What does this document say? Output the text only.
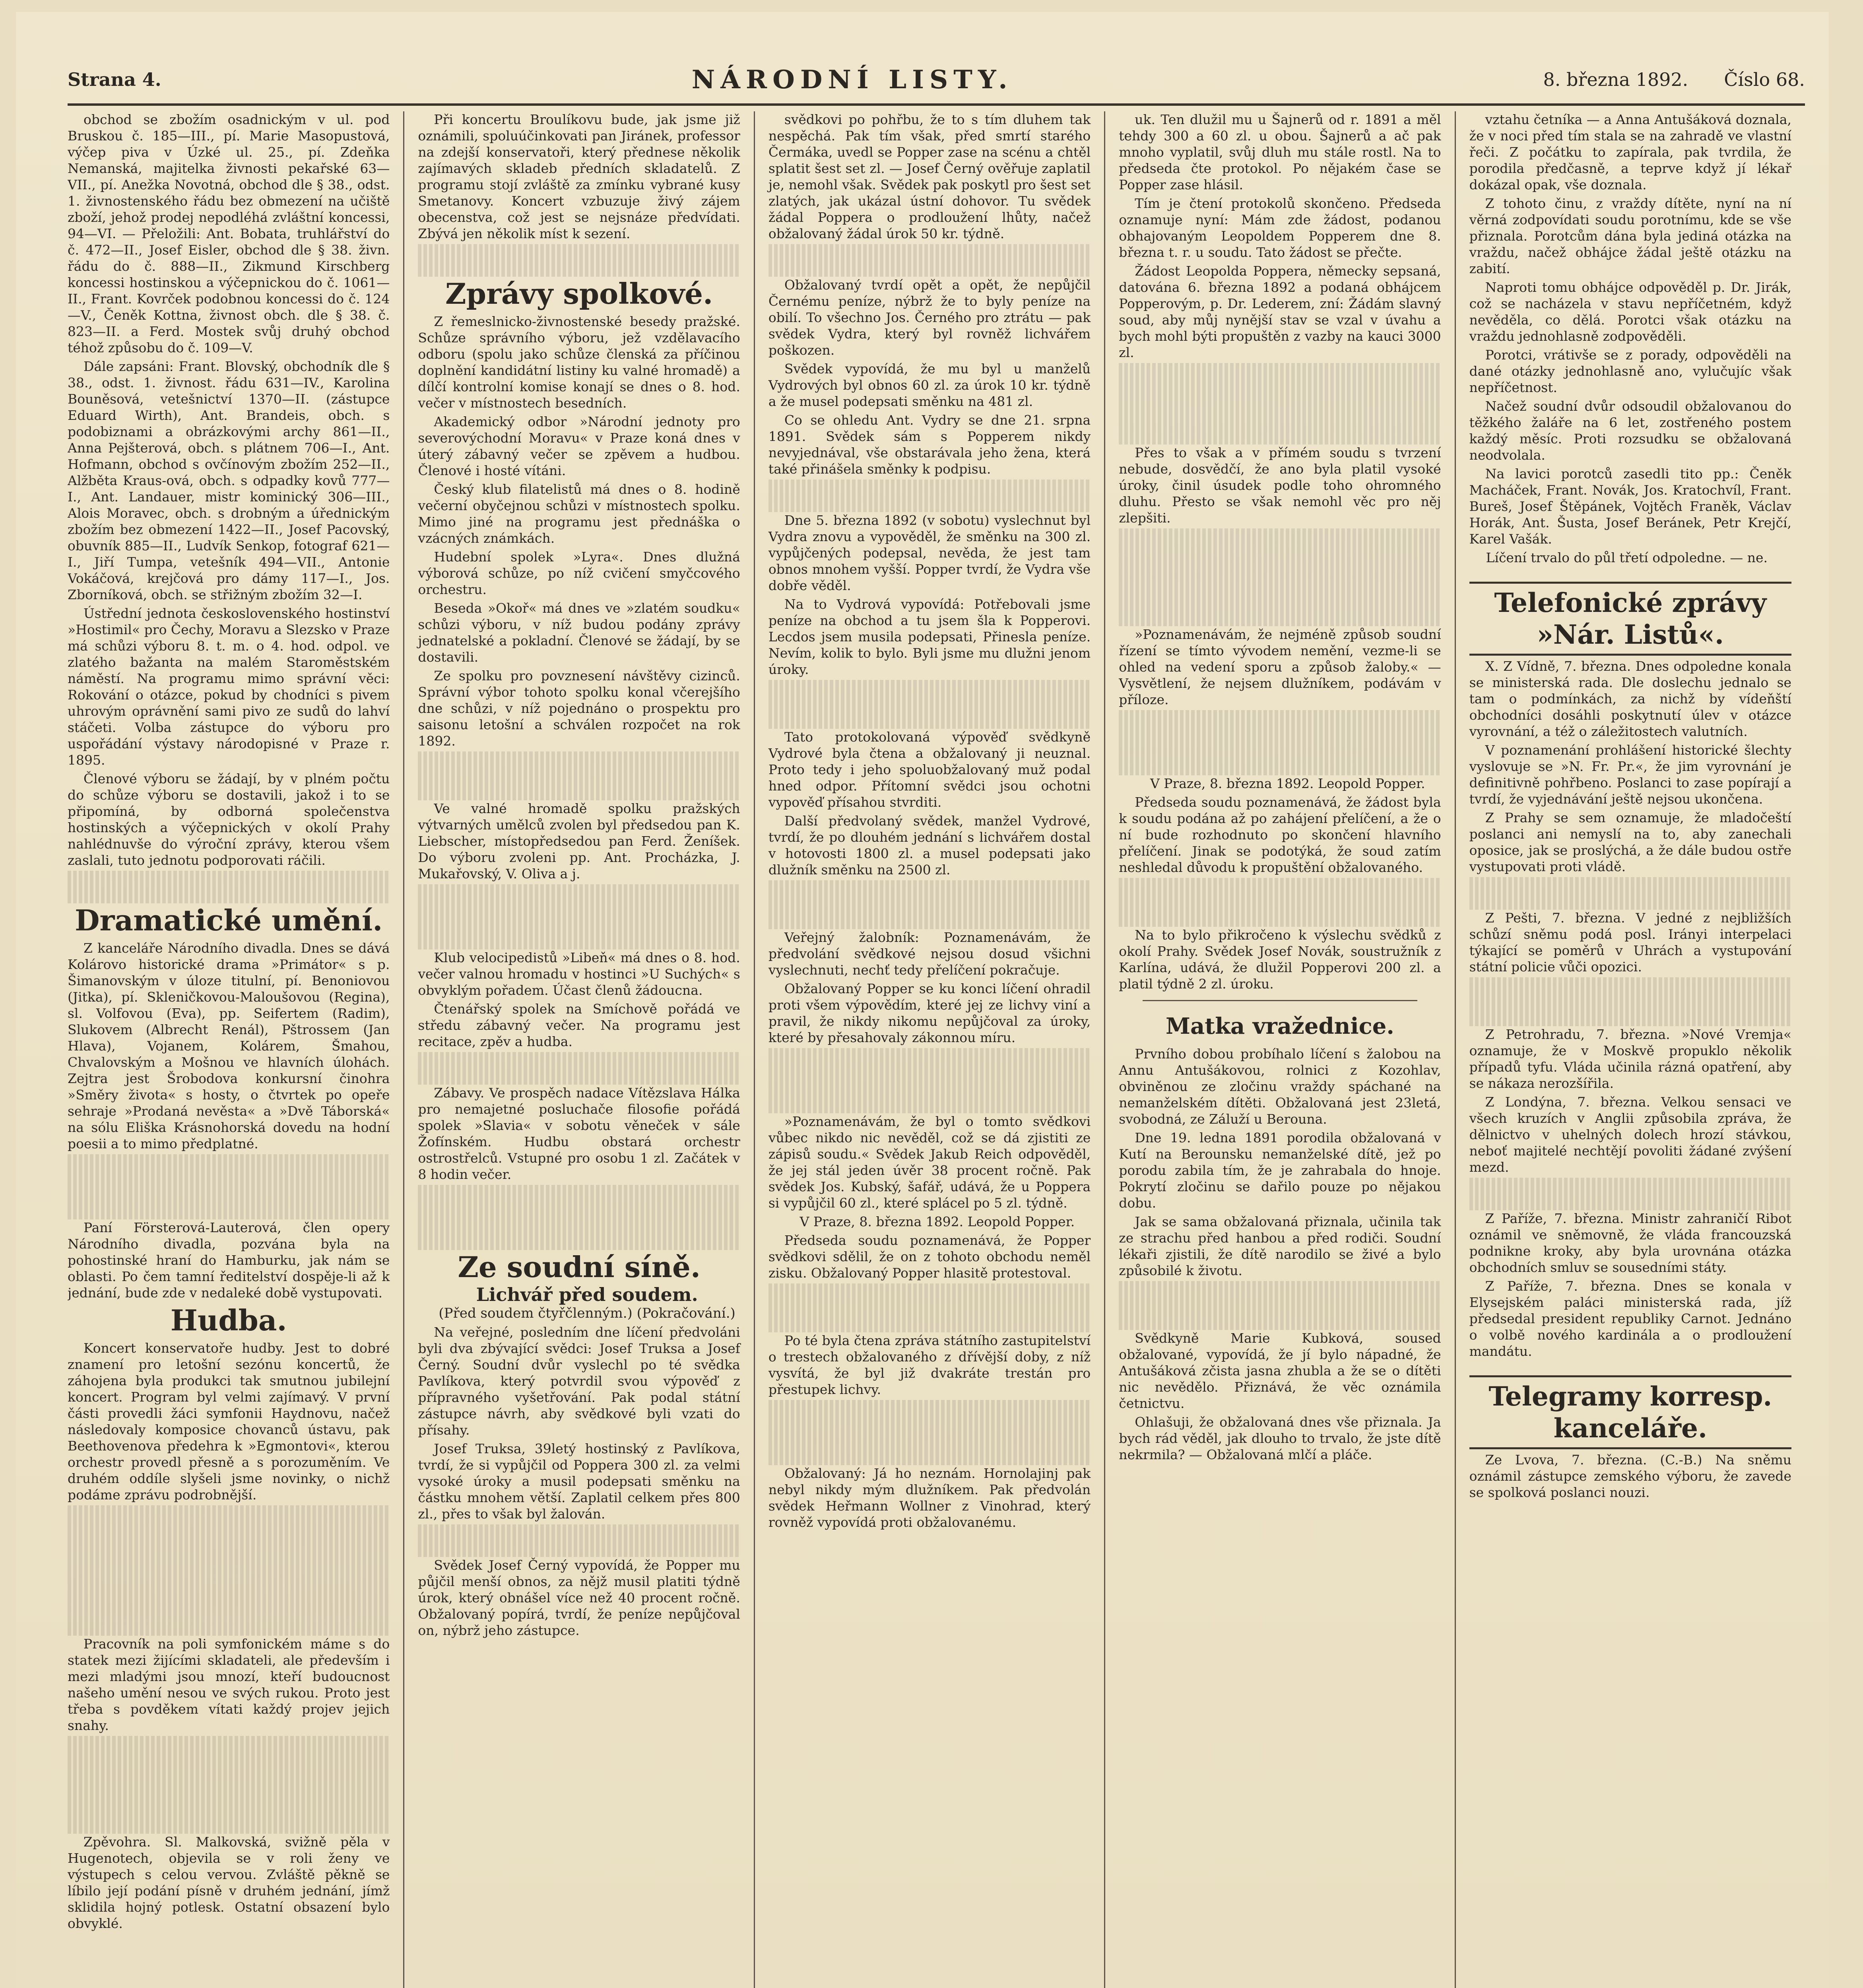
Strana 4.	NÁRODNÍ LISTY.	8. března 1892. Číslo 68.

obchod se zbožím osadnickým v ul. pod Bruskou č. 185—III., pí. Marie Masopustová, výčep piva v Úzké ul. 25., pí. Zdeňka Nemanská, majitelka živnosti pekařské 63—VII., pí. Anežka Novotná, obchod dle § 38., odst. 1. živnostenského řádu bez obmezení na učiště zboží, jehož prodej nepodléhá zvláštní koncessi, 94—VI. — Přeložili: Ant. Bobata, truhlářství do č. 472—II., Josef Eisler, obchod dle § 38. živn. řádu do č. 888—II., Zikmund Kirschberg koncessi hostinskou a výčepnickou do č. 1061—II., Frant. Kovrček podobnou koncessi do č. 124—V., Čeněk Kottna, živnost obch. dle § 38. č. 823—II. a Ferd. Mostek svůj druhý obchod téhož způsobu do č. 109—V.

Dále zapsáni: Frant. Blovský, obchodník dle § 38., odst. 1. živnost. řádu 631—IV., Karolina Bouněsová, vetešnictví 1370—II. (zástupce Eduard Wirth), Ant. Brandeis, obch. s podobiznami a obrázkovými archy 861—II., Anna Pejšterová, obch. s plátnem 706—I., Ant. Hofmann, obchod s ovčínovým zbožím 252—II., Alžběta Kraus-ová, obch. s odpadky kovů 777—I., Ant. Landauer, mistr kominický 306—III., Alois Moravec, obch. s drobným a úřednickým zbožím bez obmezení 1422—II., Josef Pacovský, obuvník 885—II., Ludvík Senkop, fotograf 621—I., Jiří Tumpa, vetešník 494—VII., Antonie Vokáčová, krejčová pro dámy 117—I., Jos. Zborníková, obch. se střižným zbožím 32—I.

Ústřední jednota československého hostinství »Hostimil« pro Čechy, Moravu a Slezsko v Praze má schůzi výboru 8. t. m. o 4. hod. odpol. ve zlatého bažanta na malém Staroměstském náměstí. Na programu mimo správní věci: Rokování o otázce, pokud by chodníci s pivem uhrovým oprávnění sami pivo ze sudů do lahví stáčeti. Volba zástupce do výboru pro uspořádání výstavy národopisné v Praze r. 1895.

Členové výboru se žádají, by v plném počtu do schůze výboru se dostavili, jakož i to se připomíná, by odborná společenstva hostinských a výčepnických v okolí Prahy nahlédnuvše do výroční zprávy, kterou všem zaslali, tuto jednotu podporovati ráčili.

Dramatické umění.

Z kanceláře Národního divadla. Dnes se dává Kolárovo historické drama »Primátor« s p. Šimanovským v úloze titulní, pí. Benoniovou (Jitka), pí. Skleničkovou-Maloušovou (Regina), sl. Volfovou (Eva), pp. Seifertem (Radim), Slukovem (Albrecht Renál), Pštrossem (Jan Hlava), Vojanem, Kolárem, Šmahou, Chvalovským a Mošnou ve hlavních úlohách. Zejtra jest Šrobodova konkursní činohra »Směry života« s hosty, o čtvrtek po opeře sehraje »Prodaná nevěsta« a »Dvě Táborská« na sólu Eliška Krásnohorská dovedu na hodní poesii a to mimo předplatné.

Paní Försterová-Lauterová, člen opery Národního divadla, pozvána byla na pohostinské hraní do Hamburku, jak nám se oblasti. Po čem tamní ředitelství dospěje-li až k jednání, bude zde v nedaleké době vystupovati.

Hudba.

Koncert konservatoře hudby. Jest to dobré znamení pro letošní sezónu koncertů, že záhojena byla produkci tak smutnou jubilejní koncert. Program byl velmi zajímavý. V první části provedli žáci symfonii Haydnovu, načež následovaly komposice chovanců ústavu, pak Beethovenova předehra k »Egmontovi«, kterou orchestr provedl přesně a s porozuměním. Ve druhém oddíle slyšeli jsme novinky, o nichž podáme zprávu podrobnější.

Pracovník na poli symfonickém máme s do statek mezi žijícími skladateli, ale především i mezi mladými jsou mnozí, kteří budoucnost našeho umění nesou ve svých rukou. Proto jest třeba s povděkem vítati každý projev jejich snahy.

Zpěvohra. Sl. Malkovská, svižně pěla v Hugenotech, objevila se v roli ženy ve výstupech s celou vervou. Zvláště pěkně se líbilo její podání písně v druhém jednání, jímž sklidila hojný potlesk. Ostatní obsazení bylo obvyklé.

Při koncertu Broulíkovu bude, jak jsme již oznámili, spoluúčinkovati pan Jiránek, professor na zdejší konservatoři, který přednese několik zajímavých skladeb předních skladatelů. Z programu stojí zvláště za zmínku vybrané kusy Smetanovy. Koncert vzbuzuje živý zájem obecenstva, což jest se nejsnáze předvídati. Zbývá jen několik míst k sezení.

Zprávy spolkové.

Z řemeslnicko-živnostenské besedy pražské. Schůze správního výboru, jež vzdělavacího odboru (spolu jako schůze členská za příčinou doplnění kandidátní listiny ku valné hromadě) a dílčí kontrolní komise konají se dnes o 8. hod. večer v místnostech besedních.

Akademický odbor »Národní jednoty pro severovýchodní Moravu« v Praze koná dnes v úterý zábavný večer se zpěvem a hudbou. Členové i hosté vítáni.

Český klub filatelistů má dnes o 8. hodině večerní obyčejnou schůzi v místnostech spolku. Mimo jiné na programu jest přednáška o vzácných známkách.

Hudební spolek »Lyra«. Dnes dlužná výborová schůze, po níž cvičení smyčcového orchestru.

Beseda »Okoř« má dnes ve »zlatém soudku« schůzi výboru, v níž budou podány zprávy jednatelské a pokladní. Členové se žádají, by se dostavili.

Ze spolku pro povznesení návštěvy cizinců. Správní výbor tohoto spolku konal včerejšího dne schůzi, v níž pojednáno o prospektu pro saisonu letošní a schválen rozpočet na rok 1892.

Ve valné hromadě spolku pražských výtvarných umělců zvolen byl předsedou pan K. Liebscher, místopředsedou pan Ferd. Ženíšek. Do výboru zvoleni pp. Ant. Procházka, J. Mukařovský, V. Oliva a j.

Klub velocipedistů »Libeň« má dnes o 8. hod. večer valnou hromadu v hostinci »U Suchých« s obvyklým pořadem. Účast členů žádoucna.

Čtenářský spolek na Smíchově pořádá ve středu zábavný večer. Na programu jest recitace, zpěv a hudba.

Zábavy. Ve prospěch nadace Vítězslava Hálka pro nemajetné posluchače filosofie pořádá spolek »Slavia« v sobotu věneček v sále Žofínském. Hudbu obstará orchestr ostrostřelců. Vstupné pro osobu 1 zl. Začátek v 8 hodin večer.

Ze soudní síně.

Lichvář před soudem.

(Před soudem čtyřčlenným.) (Pokračování.)

Na veřejné, posledním dne líčení předvoláni byli dva zbývající svědci: Josef Truksa a Josef Černý. Soudní dvůr vyslechl po té svědka Pavlíkova, který potvrdil svou výpověď z přípravného vyšetřování. Pak podal státní zástupce návrh, aby svědkové byli vzati do přísahy.

Josef Truksa, 39letý hostinský z Pavlíkova, tvrdí, že si vypůjčil od Poppera 300 zl. za velmi vysoké úroky a musil podepsati směnku na částku mnohem větší. Zaplatil celkem přes 800 zl., přes to však byl žalován.

Svědek Josef Černý vypovídá, že Popper mu půjčil menší obnos, za nějž musil platiti týdně úrok, který obnášel více než 40 procent ročně. Obžalovaný popírá, tvrdí, že peníze nepůjčoval on, nýbrž jeho zástupce.

svědkovi po pohřbu, že to s tím dluhem tak nespěchá. Pak tím však, před smrtí starého Čermáka, uvedl se Popper zase na scénu a chtěl splatit šest set zl. — Josef Černý ověřuje zaplatil je, nemohl však. Svědek pak poskytl pro šest set zlatých, jak ukázal ústní dohovor. Tu svědek žádal Poppera o prodloužení lhůty, načež obžalovaný žádal úrok 50 kr. týdně.

Obžalovaný tvrdí opět a opět, že nepůjčil Černému peníze, nýbrž že to byly peníze na obilí. To všechno Jos. Černého pro ztrátu — pak svědek Vydra, který byl rovněž lichvářem poškozen.

Svědek vypovídá, že mu byl u manželů Vydrových byl obnos 60 zl. za úrok 10 kr. týdně a že musel podepsati směnku na 481 zl.

Co se ohledu Ant. Vydry se dne 21. srpna 1891. Svědek sám s Popperem nikdy nevyjednával, vše obstarávala jeho žena, která také přinášela směnky k podpisu.

Dne 5. března 1892 (v sobotu) vyslechnut byl Vydra znovu a vypověděl, že směnku na 300 zl. vypůjčených podepsal, nevěda, že jest tam obnos mnohem vyšší. Popper tvrdí, že Vydra vše dobře věděl.

Na to Vydrová vypovídá: Potřebovali jsme peníze na obchod a tu jsem šla k Popperovi. Lecdos jsem musila podepsati, Přinesla peníze. Nevím, kolik to bylo. Byli jsme mu dlužni jenom úroky.

Tato protokolovaná výpověď svědkyně Vydrové byla čtena a obžalovaný ji neuznal. Proto tedy i jeho spoluobžalovaný muž podal hned odpor. Přítomní svědci jsou ochotni vypověď přísahou stvrditi.

Další předvolaný svědek, manžel Vydrové, tvrdí, že po dlouhém jednání s lichvářem dostal v hotovosti 1800 zl. a musel podepsati jako dlužník směnku na 2500 zl.

Veřejný žalobník: Poznamenávám, že předvolání svědkové nejsou dosud všichni vyslechnuti, nechť tedy přelíčení pokračuje.

Obžalovaný Popper se ku konci líčení ohradil proti všem výpovědím, které jej ze lichvy viní a pravil, že nikdy nikomu nepůjčoval za úroky, které by přesahovaly zákonnou míru.

»Poznamenávám, že byl o tomto svědkovi vůbec nikdo nic nevěděl, což se dá zjistiti ze zápisů soudu.« Svědek Jakub Reich odpověděl, že jej stál jeden úvěr 38 procent ročně. Pak svědek Jos. Kubský, šafář, udává, že u Poppera si vypůjčil 60 zl., které splácel po 5 zl. týdně.

V Praze, 8. března 1892. Leopold Popper.

Předseda soudu poznamenává, že Popper svědkovi sdělil, že on z tohoto obchodu neměl zisku. Obžalovaný Popper hlasitě protestoval.

Po té byla čtena zpráva státního zastupitelství o trestech obžalovaného z dřívější doby, z níž vysvítá, že byl již dvakráte trestán pro přestupek lichvy.

Obžalovaný: Já ho neznám. Hornolajinj pak nebyl nikdy mým dlužníkem. Pak předvolán svědek Heřmann Wollner z Vinohrad, který rovněž vypovídá proti obžalovanému.

uk. Ten dlužil mu u Šajnerů od r. 1891 a měl tehdy 300 a 60 zl. u obou. Šajnerů a ač pak mnoho vyplatil, svůj dluh mu stále rostl. Na to předseda čte protokol. Po nějakém čase se Popper zase hlásil.

Tím je čtení protokolů skončeno. Předseda oznamuje nyní: Mám zde žádost, podanou obhajovaným Leopoldem Popperem dne 8. března t. r. u soudu. Tato žádost se přečte.

Žádost Leopolda Poppera, německy sepsaná, datována 6. března 1892 a podaná obhájcem Popperovým, p. Dr. Lederem, zní: Žádám slavný soud, aby můj nynější stav se vzal v úvahu a bych mohl býti propuštěn z vazby na kauci 3000 zl.

Přes to však a v přímém soudu s tvrzení nebude, dosvědčí, že ano byla platil vysoké úroky, činil úsudek podle toho ohromného dluhu. Přesto se však nemohl věc pro něj zlepšiti.

»Poznamenávám, že nejméně způsob soudní řízení se tímto vývodem nemění, vezme-li se ohled na vedení sporu a způsob žaloby.« — Vysvětlení, že nejsem dlužníkem, podávám v příloze.

V Praze, 8. března 1892. Leopold Popper.

Předseda soudu poznamenává, že žádost byla k soudu podána až po zahájení přelíčení, a že o ní bude rozhodnuto po skončení hlavního přelíčení. Jinak se podotýká, že soud zatím neshledal důvodu k propuštění obžalovaného.

Na to bylo přikročeno k výslechu svědků z okolí Prahy. Svědek Josef Novák, soustružník z Karlína, udává, že dlužil Popperovi 200 zl. a platil týdně 2 zl. úroku.

Matka vražednice.

Prvního dobou probíhalo líčení s žalobou na Annu Antušákovou, rolnici z Kozohlav, obviněnou ze zločinu vraždy spáchané na nemanželském dítěti. Obžalovaná jest 23letá, svobodná, ze Záluží u Berouna.

Dne 19. ledna 1891 porodila obžalovaná v Kutí na Berounsku nemanželské dítě, jež po porodu zabila tím, že je zahrabala do hnoje. Pokrytí zločinu se dařilo pouze po nějakou dobu.

Jak se sama obžalovaná přiznala, učinila tak ze strachu před hanbou a před rodiči. Soudní lékaři zjistili, že dítě narodilo se živé a bylo způsobilé k životu.

Svědkyně Marie Kubková, soused obžalované, vypovídá, že jí bylo nápadné, že Antušáková zčista jasna zhubla a že se o dítěti nic nevědělo. Přiznává, že věc oznámila četnictvu.

Ohlašuji, že obžalovaná dnes vše přiznala. Ja bych rád věděl, jak dlouho to trvalo, že jste dítě nekrmila? — Obžalovaná mlčí a pláče.

vztahu četníka — a Anna Antušáková doznala, že v noci před tím stala se na zahradě ve vlastní řeči. Z počátku to zapírala, pak tvrdila, že porodila předčasně, a teprve když jí lékař dokázal opak, vše doznala.

Z tohoto činu, z vraždy dítěte, nyní na ní věrná zodpovídati soudu porotnímu, kde se vše přiznala. Porotcům dána byla jediná otázka na vraždu, načež obhájce žádal ještě otázku na zabití.

Naproti tomu obhájce odpověděl p. Dr. Jirák, což se nacházela v stavu nepříčetném, když nevěděla, co dělá. Porotci však otázku na vraždu jednohlasně zodpověděli.

Porotci, vrátivše se z porady, odpověděli na dané otázky jednohlasně ano, vylučujíc však nepříčetnost.

Načež soudní dvůr odsoudil obžalovanou do těžkého žaláře na 6 let, zostřeného postem každý měsíc. Proti rozsudku se obžalovaná neodvolala.

Na lavici porotců zasedli tito pp.: Čeněk Macháček, Frant. Novák, Jos. Kratochvíl, Frant. Bureš, Josef Štěpánek, Vojtěch Franěk, Václav Horák, Ant. Šusta, Josef Beránek, Petr Krejčí, Karel Vašák.

Líčení trvalo do půl třetí odpoledne. — ne.

Telefonické zprávy »Nár. Listů«.

X. Z Vídně, 7. března. Dnes odpoledne konala se ministerská rada. Dle doslechu jednalo se tam o podmínkách, za nichž by vídeňští obchodníci dosáhli poskytnutí úlev v otázce vyrovnání, a též o záležitostech valutních.

V poznamenání prohlášení historické šlechty vyslovuje se »N. Fr. Pr.«, že jim vyrovnání je definitivně pohřbeno. Poslanci to zase popírají a tvrdí, že vyjednávání ještě nejsou ukončena.

Z Prahy se sem oznamuje, že mladočeští poslanci ani nemyslí na to, aby zanechali oposice, jak se proslýchá, a že dále budou ostře vystupovati proti vládě.

Z Pešti, 7. března. V jedné z nejbližších schůzí sněmu podá posl. Irányi interpelaci týkající se poměrů v Uhrách a vystupování státní policie vůči opozici.

Z Petrohradu, 7. března. »Nové Vremja« oznamuje, že v Moskvě propuklo několik případů tyfu. Vláda učinila rázná opatření, aby se nákaza nerozšířila.

Z Londýna, 7. března. Velkou sensaci ve všech kruzích v Anglii způsobila zpráva, že dělnictvo v uhelných dolech hrozí stávkou, neboť majitelé nechtějí povoliti žádané zvýšení mezd.

Z Paříže, 7. března. Ministr zahraničí Ribot oznámil ve sněmovně, že vláda francouzská podnikne kroky, aby byla urovnána otázka obchodních smluv se sousedními státy.

Z Paříže, 7. března. Dnes se konala v Elysejském paláci ministerská rada, jíž předsedal president republiky Carnot. Jednáno o volbě nového kardinála a o prodloužení mandátu.

Telegramy korresp. kanceláře.

Ze Lvova, 7. března. (C.-B.) Na sněmu oznámil zástupce zemského výboru, že zavede se spolková poslanci nouzi.
